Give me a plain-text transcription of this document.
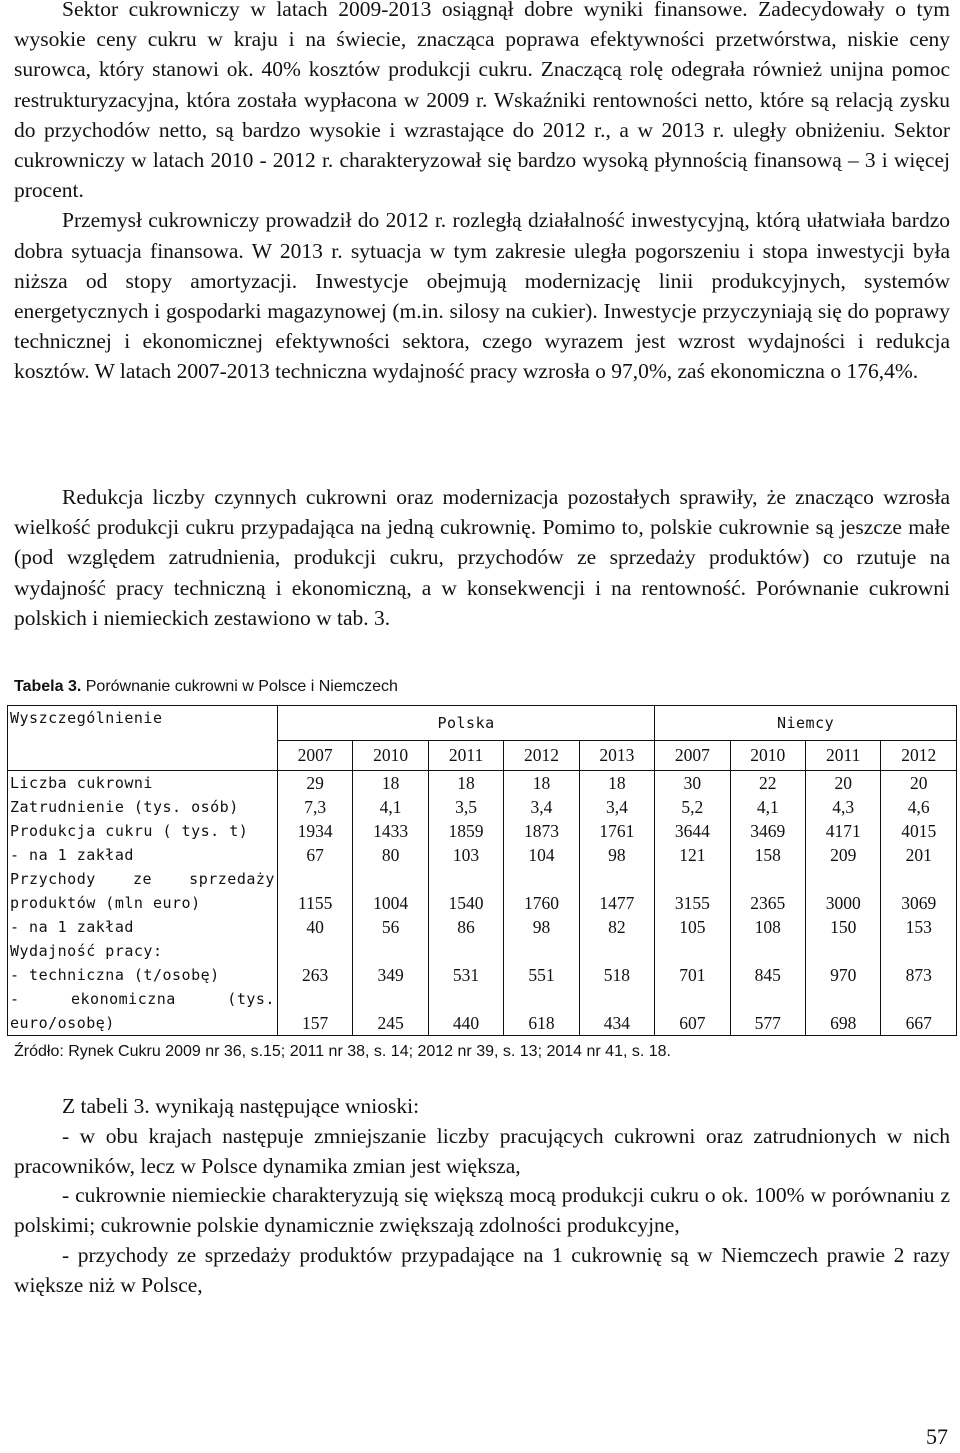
Sektor cukrowniczy w latach 2009-2013 osiągnął dobre wyniki finansowe. Zadecydowały o tym wysokie ceny cukru w kraju i na świecie, znacząca poprawa efektywności przetwórstwa, niskie ceny surowca, który stanowi ok. 40% kosztów produkcji cukru. Znaczącą rolę odegrała również unijna pomoc restrukturyzacyjna, która została wypłacona w 2009 r. Wskaźniki rentowności netto, które są relacją zysku do przychodów netto, są bardzo wysokie i wzrastające do 2012 r., a w 2013 r. uległy obniżeniu. Sektor cukrowniczy w latach 2010 - 2012 r. charakteryzował się bardzo wysoką płynnością finansową – 3 i więcej procent.

Przemysł cukrowniczy prowadził do 2012 r. rozległą działalność inwestycyjną, którą ułatwiała bardzo dobra sytuacja finansowa. W 2013 r. sytuacja w tym zakresie uległa pogorszeniu i stopa inwestycji była niższa od stopy amortyzacji. Inwestycje obejmują modernizację linii produkcyjnych, systemów energetycznych i gospodarki magazynowej (m.in. silosy na cukier). Inwestycje przyczyniają się do poprawy technicznej i ekonomicznej efektywności sektora, czego wyrazem jest wzrost wydajności i redukcja kosztów. W latach 2007-2013 techniczna wydajność pracy wzrosła o 97,0%, zaś ekonomiczna o 176,4%.

Redukcja liczby czynnych cukrowni oraz modernizacja pozostałych sprawiły, że znacząco wzrosła wielkość produkcji cukru przypadająca na jedną cukrownię. Pomimo to, polskie cukrownie są jeszcze małe (pod względem zatrudnienia, produkcji cukru, przychodów ze sprzedaży produktów) co rzutuje na wydajność pracy techniczną i ekonomiczną, a w konsekwencji i na rentowność. Porównanie cukrowni polskich i niemieckich zestawiono w tab. 3.

Tabela 3. Porównanie cukrowni w Polsce i Niemczech
Wyszczególnienie	Polska					Niemcy			
	2007	2010	2011	2012	2013	2007	2010	2011	2012

Liczba cukrowni	29	18	18	18	18	30	22	20	20

Zatrudnienie (tys. osób)	7,3	4,1	3,5	3,4	3,4	5,2	4,1	4,3	4,6

Produkcja cukru ( tys. t)	1934	1433	1859	1873	1761	3644	3469	4171	4015

- na 1 zakład	67	80	103	104	98	121	158	209	201

Przychody ze sprzedaży
produktów (mln euro)	1155	1004	1540	1760	1477	3155	2365	3000	3069

- na 1 zakład	40	56	86	98	82	105	108	150	153

Wydajność pracy:
- techniczna (t/osobę)	263	349	531	551	518	701	845	970	873

- ekonomiczna (tys.
euro/osobę)	157	245	440	618	434	607	577	698	667
Źródło: Rynek Cukru 2009 nr 36, s.15; 2011 nr 38, s. 14; 2012 nr 39, s. 13; 2014 nr 41, s. 18.
Z tabeli 3. wynikają następujące wnioski:
- w obu krajach następuje zmniejszanie liczby pracujących cukrowni oraz zatrudnionych w nich pracowników, lecz w Polsce dynamika zmian jest większa,
- cukrownie niemieckie charakteryzują się większą mocą produkcji cukru o ok. 100% w porównaniu z polskimi; cukrownie polskie dynamicznie zwiększają zdolności produkcyjne,
- przychody ze sprzedaży produktów przypadające na 1 cukrownię są w Niemczech prawie 2 razy większe niż w Polsce,
57
